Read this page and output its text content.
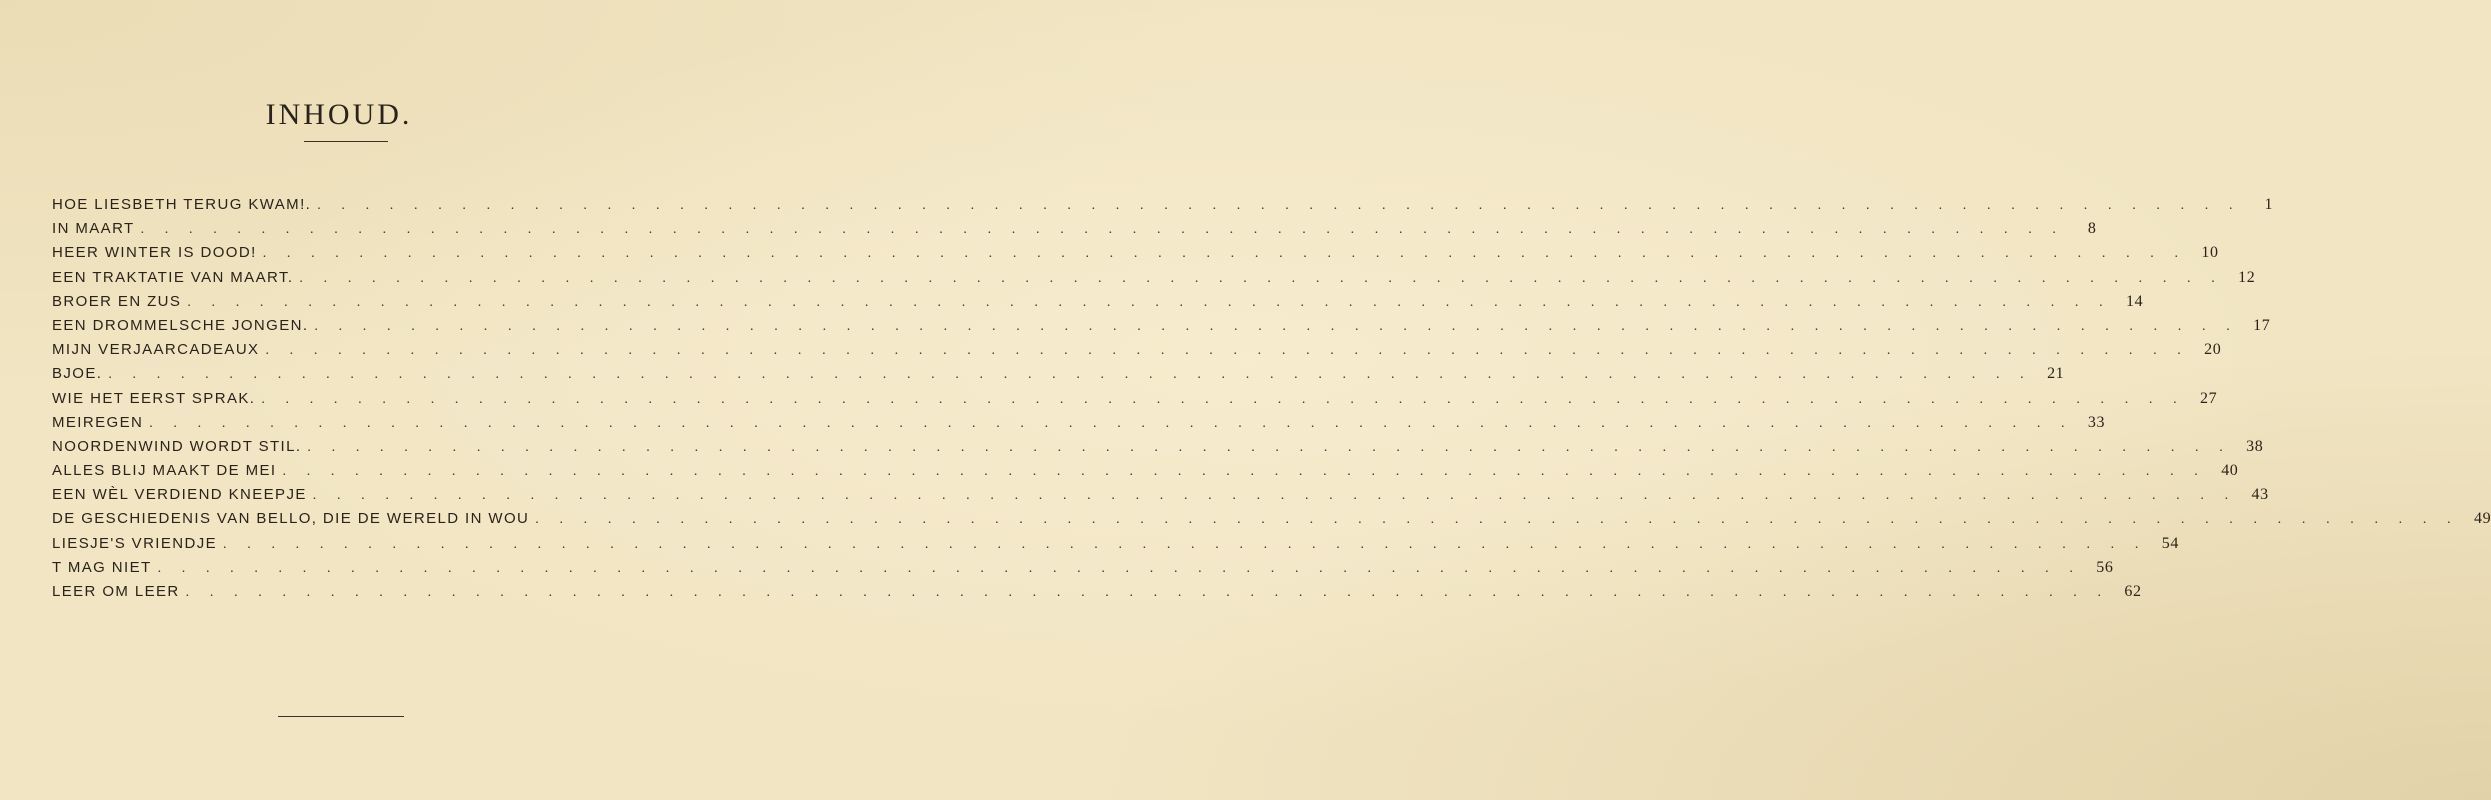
INHOUD.
HOE LIESBETH TERUG KWAM!. . . . . . . . . . . . . . . . . . . . . . . . . . . . . . . . . . . . . . . . . . . . . . . . . . . . . . . . . . . . . . . . . . . . . . . . . . . . . . . . .	1
IN MAART . . . . . . . . . . . . . . . . . . . . . . . . . . . . . . . . . . . . . . . . . . . . . . . . . . . . . . . . . . . . . . . . . . . . . . . . . . . . . . . .	8
HEER WINTER IS DOOD! . . . . . . . . . . . . . . . . . . . . . . . . . . . . . . . . . . . . . . . . . . . . . . . . . . . . . . . . . . . . . . . . . . . . . . . . . . . . . . . . 10
EEN TRAKTATIE VAN MAART. . . . . . . . . . . . . . . . . . . . . . . . . . . . . . . . . . . . . . . . . . . . . . . . . . . . . . . . . . . . . . . . . . . . . . . . . . . . . . . . . 12
BROER EN ZUS . . . . . . . . . . . . . . . . . . . . . . . . . . . . . . . . . . . . . . . . . . . . . . . . . . . . . . . . . . . . . . . . . . . . . . . . . . . . . . . . 14
EEN DROMMELSCHE JONGEN. . . . . . . . . . . . . . . . . . . . . . . . . . . . . . . . . . . . . . . . . . . . . . . . . . . . . . . . . . . . . . . . . . . . . . . . . . . . . . . . . 17
MIJN VERJAARCADEAUX . . . . . . . . . . . . . . . . . . . . . . . . . . . . . . . . . . . . . . . . . . . . . . . . . . . . . . . . . . . . . . . . . . . . . . . . . . . . . . . . 20
BJOE. . . . . . . . . . . . . . . . . . . . . . . . . . . . . . . . . . . . . . . . . . . . . . . . . . . . . . . . . . . . . . . . . . . . . . . . . . . . . . . . . 21
WIE HET EERST SPRAK. . . . . . . . . . . . . . . . . . . . . . . . . . . . . . . . . . . . . . . . . . . . . . . . . . . . . . . . . . . . . . . . . . . . . . . . . . . . . . . . . 27
MEIREGEN . . . . . . . . . . . . . . . . . . . . . . . . . . . . . . . . . . . . . . . . . . . . . . . . . . . . . . . . . . . . . . . . . . . . . . . . . . . . . . . . 33
NOORDENWIND WORDT STIL. . . . . . . . . . . . . . . . . . . . . . . . . . . . . . . . . . . . . . . . . . . . . . . . . . . . . . . . . . . . . . . . . . . . . . . . . . . . . . . . . 38
ALLES BLIJ MAAKT DE MEI . . . . . . . . . . . . . . . . . . . . . . . . . . . . . . . . . . . . . . . . . . . . . . . . . . . . . . . . . . . . . . . . . . . . . . . . . . . . . . . . 40
EEN WÈL VERDIEND KNEEPJE . . . . . . . . . . . . . . . . . . . . . . . . . . . . . . . . . . . . . . . . . . . . . . . . . . . . . . . . . . . . . . . . . . . . . . . . . . . . . . . . 43
DE GESCHIEDENIS VAN BELLO, DIE DE WERELD IN WOU . . . . . . . . . . . . . . . . . . . . . . . . . . . . . . . . . . . . . . . . . . . . . . . . . . . . . . . . . . . . . . . . . . . . . . . . . . . . . . . . 49
LIESJE'S VRIENDJE . . . . . . . . . . . . . . . . . . . . . . . . . . . . . . . . . . . . . . . . . . . . . . . . . . . . . . . . . . . . . . . . . . . . . . . . . . . . . . . . 54
T MAG NIET . . . . . . . . . . . . . . . . . . . . . . . . . . . . . . . . . . . . . . . . . . . . . . . . . . . . . . . . . . . . . . . . . . . . . . . . . . . . . . . . 56
LEER OM LEER . . . . . . . . . . . . . . . . . . . . . . . . . . . . . . . . . . . . . . . . . . . . . . . . . . . . . . . . . . . . . . . . . . . . . . . . . . . . . . . . 62
